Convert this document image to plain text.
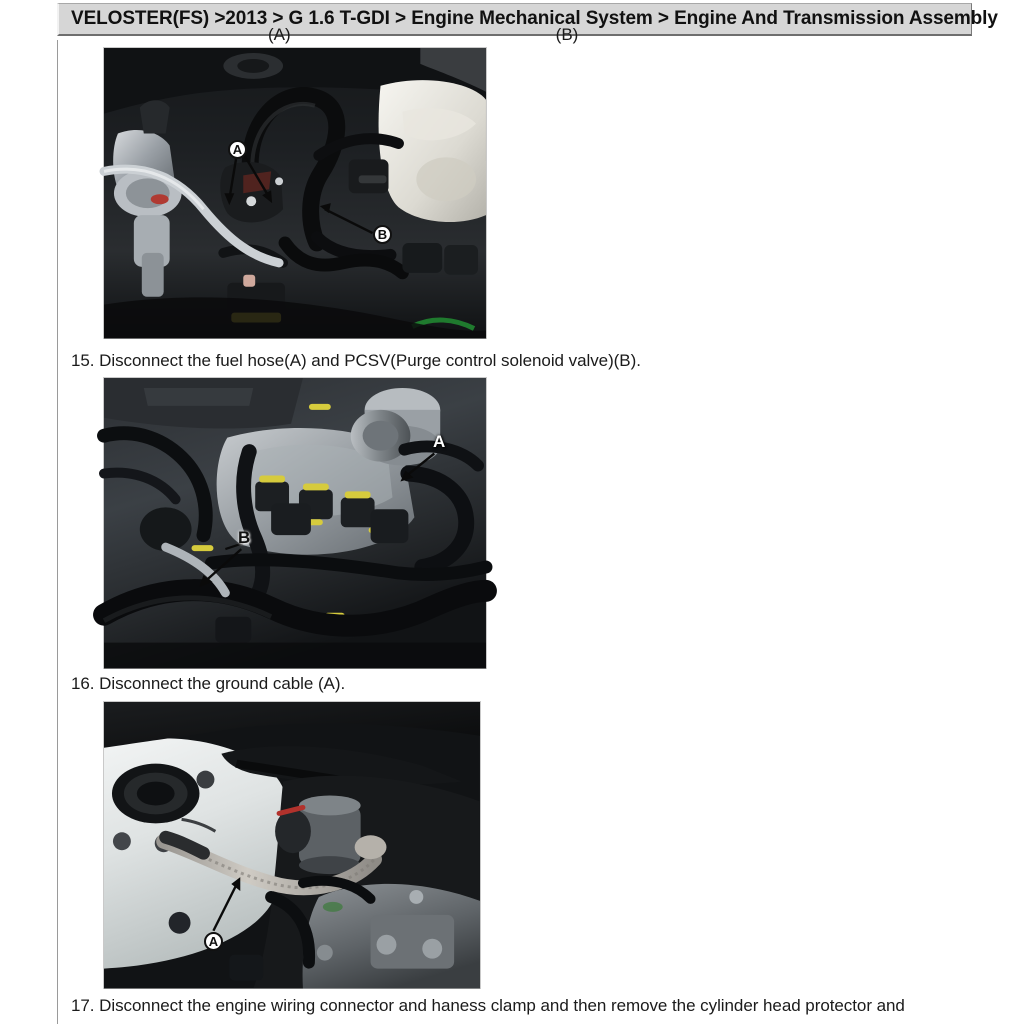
VELOSTER(FS) >2013 > G 1.6 T-GDI > Engine Mechanical System > Engine And Transmission Assembly
(A)	(B)
A
B
15. Disconnect the fuel hose(A) and PCSV(Purge control solenoid valve)(B).
A
B
16. Disconnect the ground cable (A).
A
17. Disconnect the engine wiring connector and haness clamp and then remove the cylinder head protector and
